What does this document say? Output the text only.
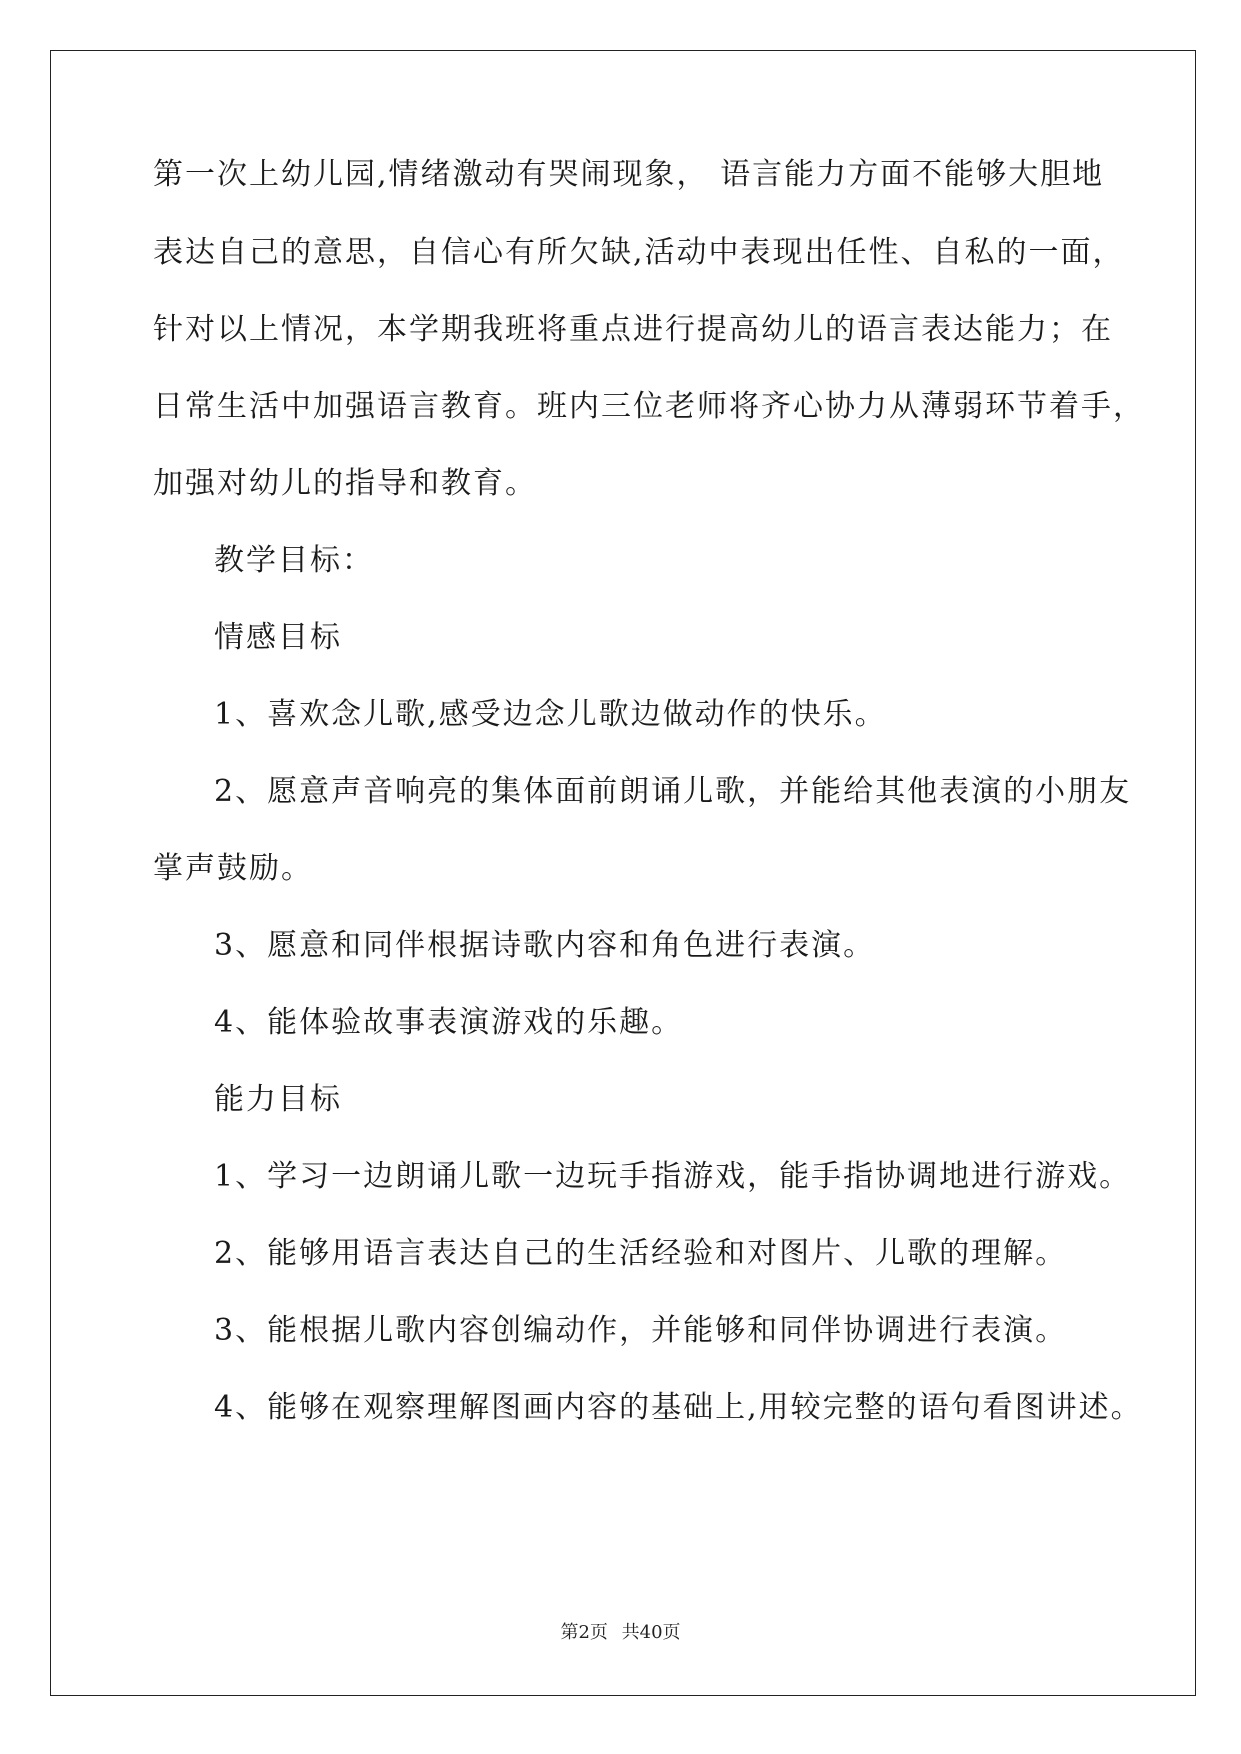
第一次上幼儿园,情绪激动有哭闹现象， 语言能力方面不能够大胆地
表达自己的意思，自信心有所欠缺,活动中表现出任性、自私的一面，
针对以上情况，本学期我班将重点进行提高幼儿的语言表达能力；在
日常生活中加强语言教育。班内三位老师将齐心协力从薄弱环节着手，
加强对幼儿的指导和教育。
教学目标：
情感目标
1、喜欢念儿歌,感受边念儿歌边做动作的快乐。
2、愿意声音响亮的集体面前朗诵儿歌，并能给其他表演的小朋友
掌声鼓励。
3、愿意和同伴根据诗歌内容和角色进行表演。
4、能体验故事表演游戏的乐趣。
能力目标
1、学习一边朗诵儿歌一边玩手指游戏，能手指协调地进行游戏。
2、能够用语言表达自己的生活经验和对图片、儿歌的理解。
3、能根据儿歌内容创编动作，并能够和同伴协调进行表演。
4、能够在观察理解图画内容的基础上,用较完整的语句看图讲述。
第2页 共40页
